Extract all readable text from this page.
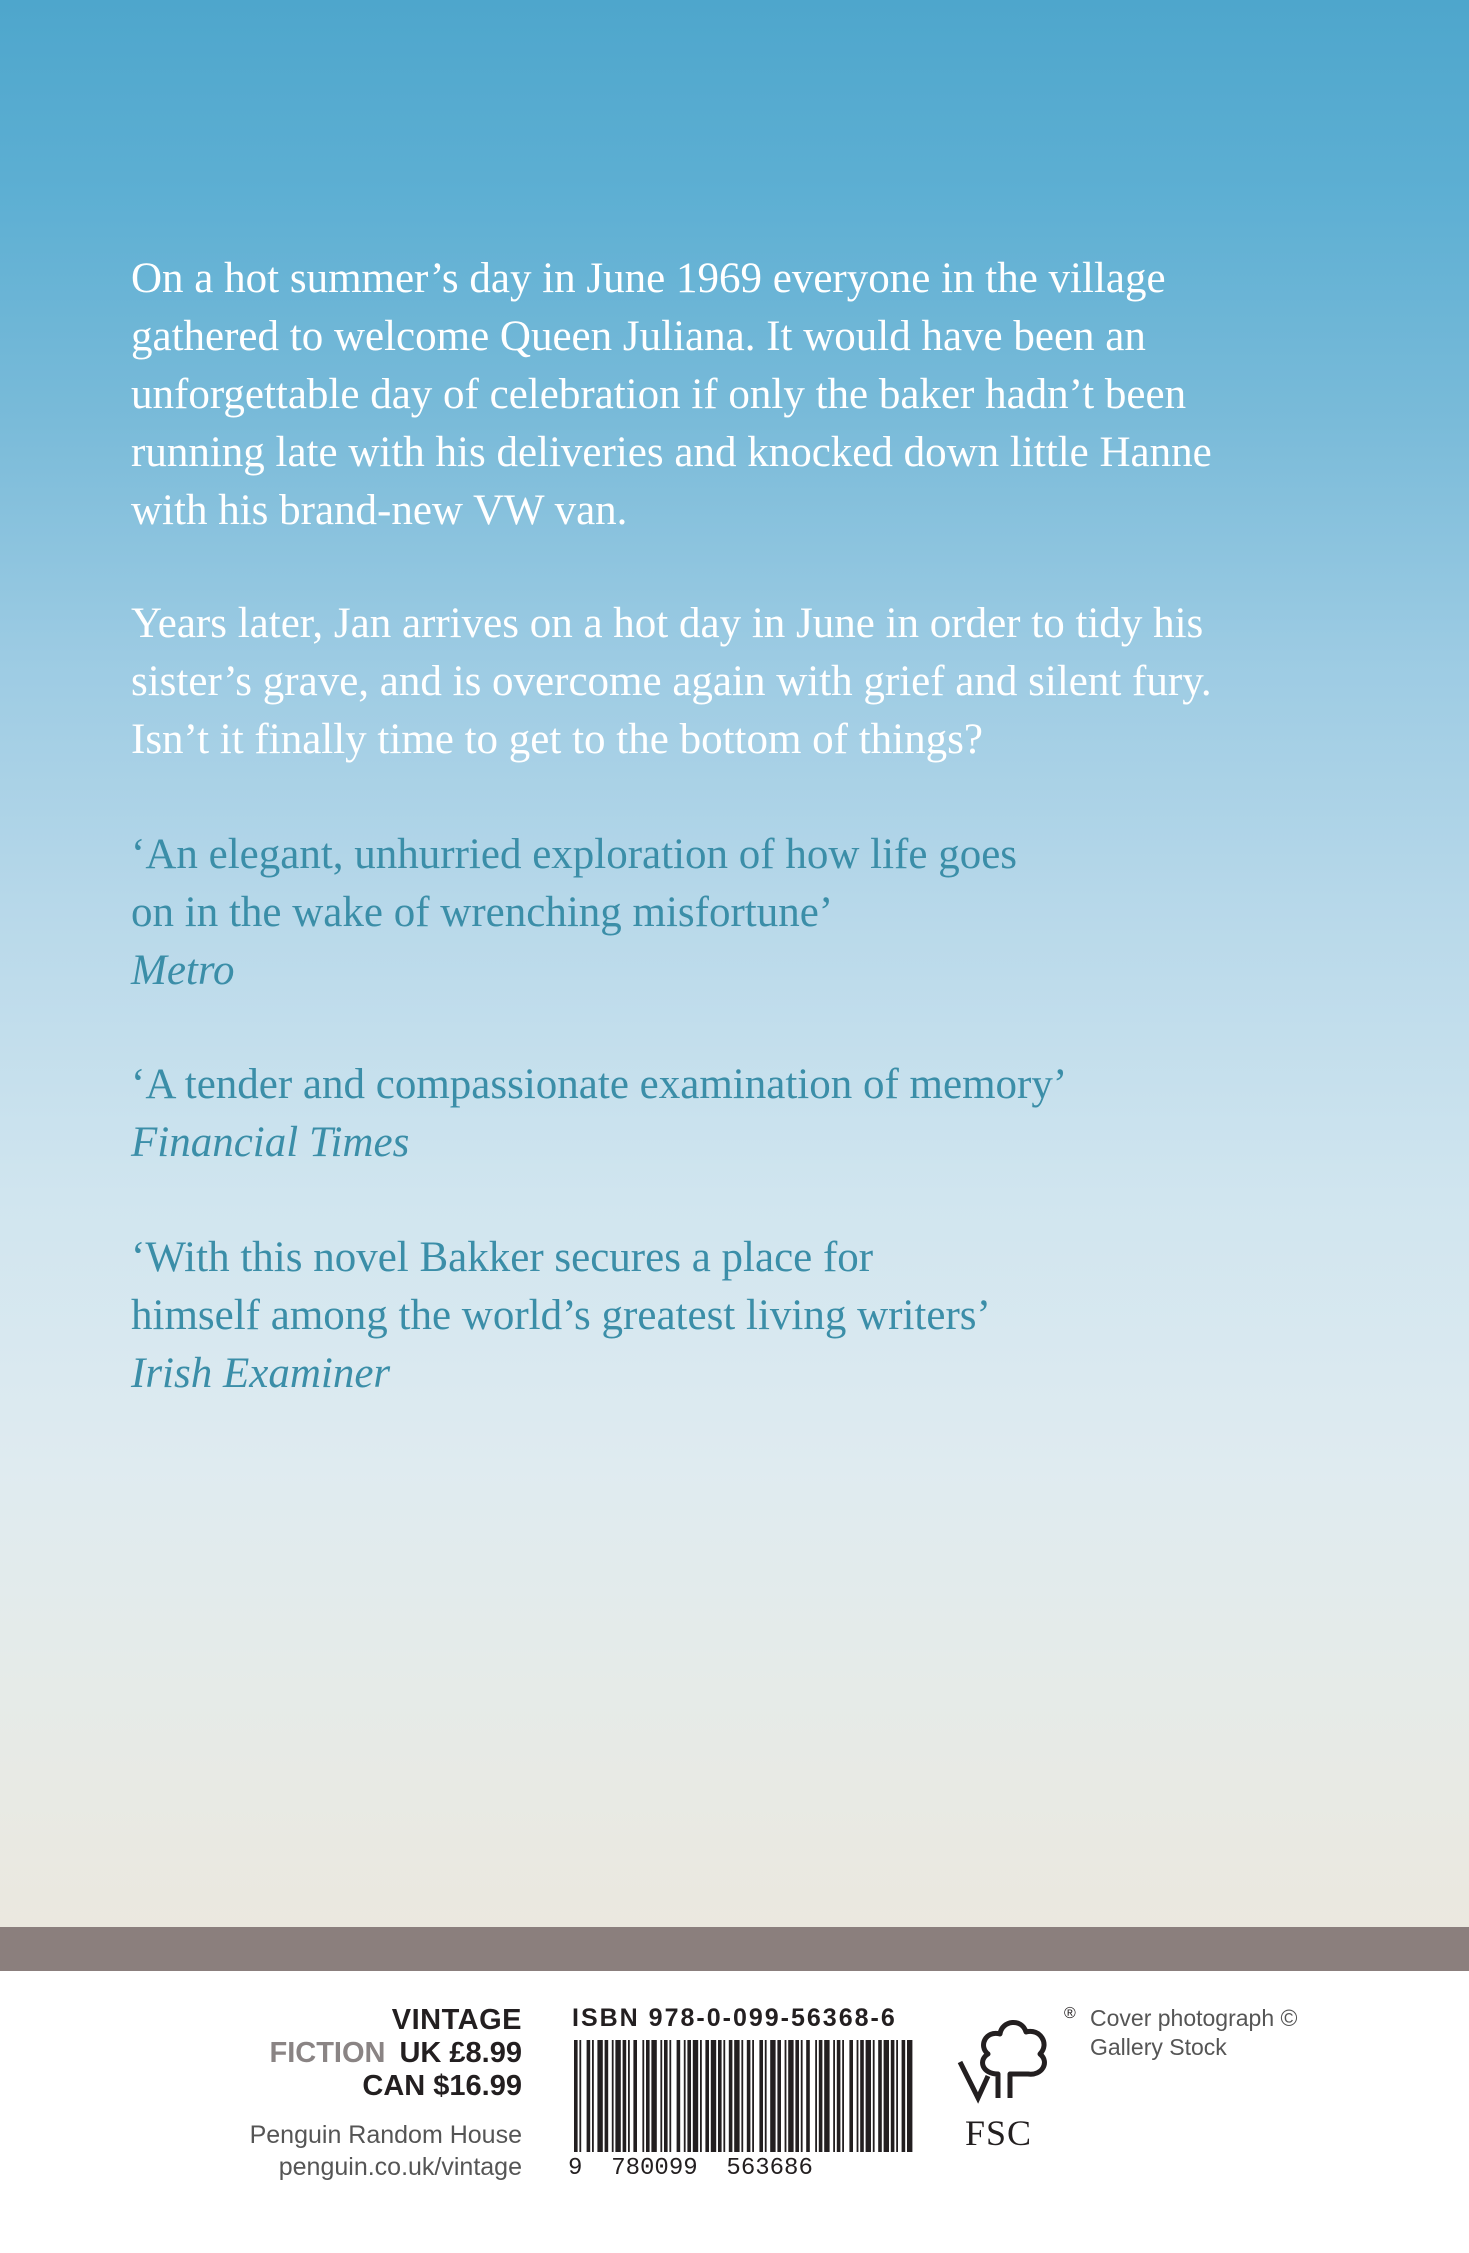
On a hot summer’s day in June 1969 everyone in the village

gathered to welcome Queen Juliana. It would have been an

unforgettable day of celebration if only the baker hadn’t been

running late with his deliveries and knocked down little Hanne

with his brand-new VW van.

Years later, Jan arrives on a hot day in June in order to tidy his

sister’s grave, and is overcome again with grief and silent fury.

Isn’t it finally time to get to the bottom of things?

‘An elegant, unhurried exploration of how life goes

on in the wake of wrenching misfortune’

Metro

‘A tender and compassionate examination of memory’

Financial Times

‘With this novel Bakker secures a place for

himself among the world’s greatest living writers’

Irish Examiner

VINTAGE
FICTION UK £8.99
CAN $16.99
Penguin Random House
penguin.co.uk/vintage
ISBN 978-0-099-56368-6
9  780099  563686
®
FSC
Cover photograph ©
Gallery Stock
